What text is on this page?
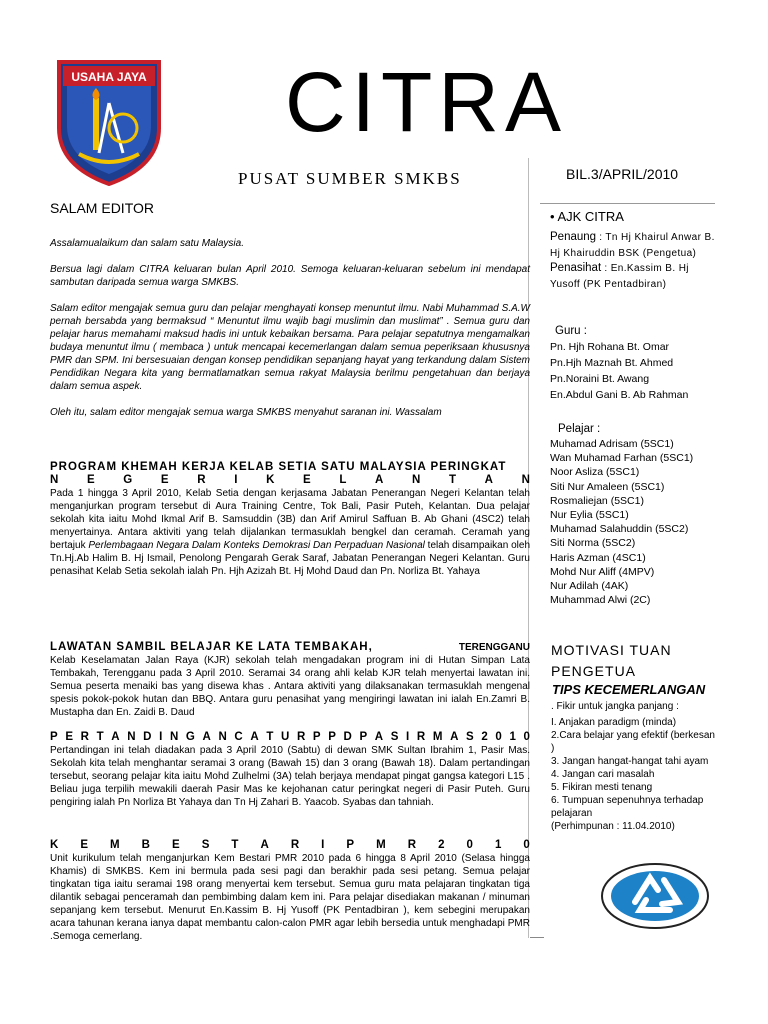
USAHA JAYA CITRA
PUSAT SUMBER SMKBS	BIL.3/APRIL/2010
SALAM EDITOR

Assalamualaikum dan salam satu Malaysia.

Bersua lagi dalam CITRA keluaran bulan April 2010. Semoga keluaran-keluaran sebelum ini mendapat sambutan daripada semua warga SMKBS.

Salam editor mengajak semua guru dan pelajar menghayati konsep menuntut ilmu. Nabi Muhammad S.A.W pernah bersabda yang bermaksud “ Menuntut ilmu wajib bagi muslimin dan muslimat” . Semua guru dan pelajar harus memahami maksud hadis ini untuk kebaikan bersama. Para pelajar sepatutnya mengamalkan budaya menuntut ilmu ( membaca ) untuk mencapai kecemerlangan dalam semua peperiksaan khususnya PMR dan SPM. Ini bersesuaian dengan konsep pendidikan sepanjang hayat yang terkandung dalam Sistem Pendidikan Negara kita yang bermatlamatkan semua rakyat Malaysia berilmu pengetahuan dan berjaya dalam semua aspek.

Oleh itu, salam editor mengajak semua warga SMKBS menyahut saranan ini. Wassalam

PROGRAM KHEMAH KERJA KELAB SETIA SATU MALAYSIA PERINGKAT
N E G E R I K E L A N T A N
Pada 1 hingga 3 April 2010, Kelab Setia dengan kerjasama Jabatan Penerangan Negeri Kelantan telah menganjurkan program tersebut di Aura Training Centre, Tok Bali, Pasir Puteh, Kelantan. Dua pelajar sekolah kita iaitu Mohd Ikmal Arif B. Samsuddin (3B) dan Arif Amirul Saffuan B. Ab Ghani (4SC2) telah menyertainya. Antara aktiviti yang telah dijalankan termasuklah bengkel dan ceramah. Ceramah yang bertajuk Perlembagaan Negara Dalam Konteks Demokrasi Dan Perpaduan Nasional telah disampaikan oleh Tn.Hj.Ab Halim B. Hj Ismail, Penolong Pengarah Gerak Saraf, Jabatan Penerangan Negeri Kelantan. Guru penasihat Kelab Setia sekolah ialah Pn. Hjh Azizah Bt. Hj Mohd Daud dan Pn. Norliza Bt. Yahaya
LAWATAN SAMBIL BELAJAR KE LATA TEMBAKAH,	TERENGGANU
Kelab Keselamatan Jalan Raya (KJR) sekolah telah mengadakan program ini di Hutan Simpan Lata Tembakah, Terengganu pada 3 April 2010. Seramai 34 orang ahli kelab KJR telah menyertai lawatan ini. Semua peserta menaiki bas yang disewa khas . Antara aktiviti yang dilaksanakan termasuklah mengenal spesis pokok-pokok hutan dan BBQ. Antara guru penasihat yang mengiringi lawatan ini ialah En.Zamri B. Mustapha dan En. Zaidi B. Daud
P E R T A N D I N G A N C A T U R P P D P A S I R M A S 2 0 1 0
Pertandingan ini telah diadakan pada 3 April 2010 (Sabtu) di dewan SMK Sultan Ibrahim 1, Pasir Mas. Sekolah kita telah menghantar seramai 3 orang (Bawah 15) dan 3 orang (Bawah 18). Dalam pertandingan tersebut, seorang pelajar kita iaitu Mohd Zulhelmi (3A) telah berjaya mendapat pingat gangsa kategori L15 . Beliau juga terpilih mewakili daerah Pasir Mas ke kejohanan catur peringkat negeri di Pasir Puteh. Guru pengiring ialah Pn Norliza Bt Yahaya dan Tn Hj Zahari B. Yaacob. Syabas dan tahniah.
K E M B E S T A R I P M R 2 0 1 0
Unit kurikulum telah menganjurkan Kem Bestari PMR 2010 pada 6 hingga 8 April 2010 (Selasa hingga Khamis) di SMKBS. Kem ini bermula pada sesi pagi dan berakhir pada sesi petang. Semua pelajar tingkatan tiga iaitu seramai 198 orang menyertai kem tersebut. Semua guru mata pelajaran tingkatan tiga dilantik sebagai penceramah dan pembimbing dalam kem ini. Para pelajar disediakan makanan / minuman sepanjang kem tersebut. Menurut En.Kassim B. Hj Yusoff (PK Pentadbiran ), kem sebegini merupakan acara tahunan kerana ianya dapat membantu calon-calon PMR agar lebih bersedia untuk menghadapi PMR .Semoga cemerlang.
• AJK CITRA
Penaung : Tn Hj Khairul Anwar B. Hj Khairuddin BSK (Pengetua)
Penasihat : En.Kassim B. Hj Yusoff (PK Pentadbiran)
Guru :
Pn. Hjh Rohana Bt. Omar
Pn.Hjh Maznah Bt. Ahmed
Pn.Noraini Bt. Awang
En.Abdul Gani B. Ab Rahman
Pelajar :
Muhamad Adrisam (5SC1)
Wan Muhamad Farhan (5SC1)
Noor Asliza (5SC1)
Siti Nur Amaleen (5SC1)
Rosmaliejan (5SC1)
Nur Eylia (5SC1)
Muhamad Salahuddin (5SC2)
Siti Norma (5SC2)
Haris Azman (4SC1)
Mohd Nur Aliff (4MPV)
Nur Adilah (4AK)
Muhammad Alwi (2C)
MOTIVASI TUAN PENGETUA
TIPS KECEMERLANGAN
. Fikir untuk jangka panjang :
I. Anjakan paradigm (minda)
2.Cara belajar yang efektif (berkesan )
3. Jangan hangat-hangat tahi ayam
4. Jangan cari masalah
5. Fikiran mesti tenang
6. Tumpuan sepenuhnya terhadap pelajaran
(Perhimpunan : 11.04.2010)
